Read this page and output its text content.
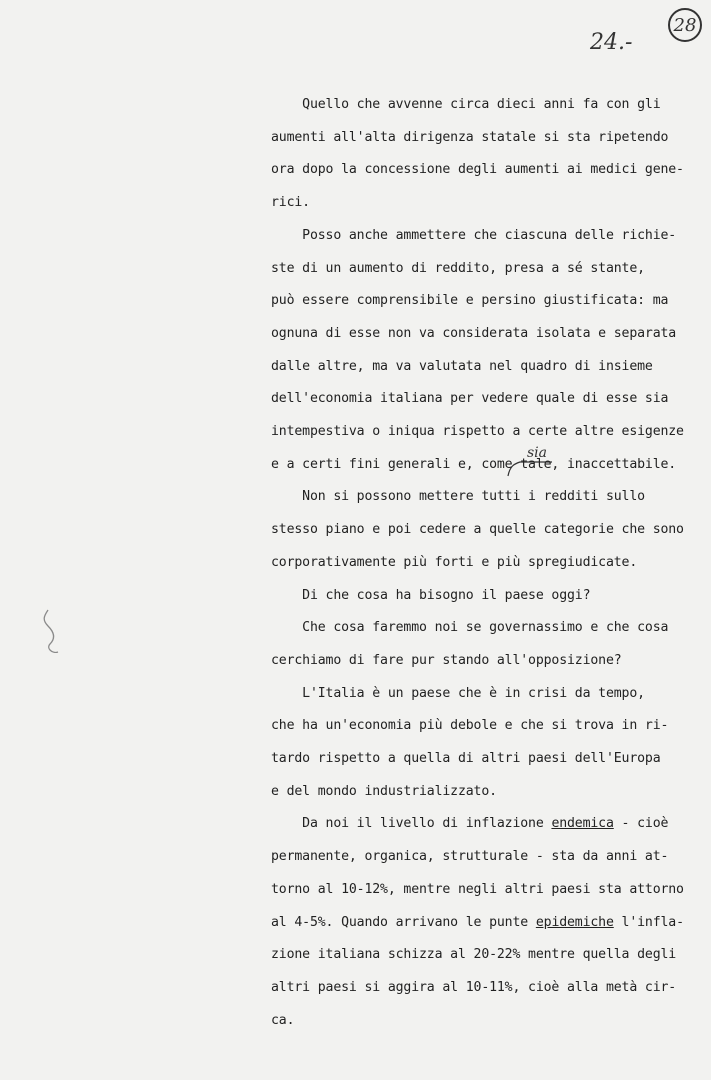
24.-
28
sia
Quello che avvenne circa dieci anni fa con gli
aumenti all'alta dirigenza statale si sta ripetendo
ora dopo la concessione degli aumenti ai medici gene-
rici.
Posso anche ammettere che ciascuna delle richie-
ste di un aumento di reddito, presa a sé stante,
può essere comprensibile e persino giustificata: ma
ognuna di esse non va considerata isolata e separata
dalle altre, ma va valutata nel quadro di insieme
dell'economia italiana per vedere quale di esse sia
intempestiva o iniqua rispetto a certe altre esigenze
e a certi fini generali e, come tale, inaccettabile.
Non si possono mettere tutti i redditi sullo
stesso piano e poi cedere a quelle categorie che sono
corporativamente più forti e più spregiudicate.
Di che cosa ha bisogno il paese oggi?
Che cosa faremmo noi se governassimo e che cosa
cerchiamo di fare pur stando all'opposizione?
L'Italia è un paese che è in crisi da tempo,
che ha un'economia più debole e che si trova in ri-
tardo rispetto a quella di altri paesi dell'Europa
e del mondo industrializzato.
Da noi il livello di inflazione endemica - cioè
permanente, organica, strutturale - sta da anni at-
torno al 10-12%, mentre negli altri paesi sta attorno
al 4-5%. Quando arrivano le punte epidemiche l'infla-
zione italiana schizza al 20-22% mentre quella degli
altri paesi si aggira al 10-11%, cioè alla metà cir-
ca.
